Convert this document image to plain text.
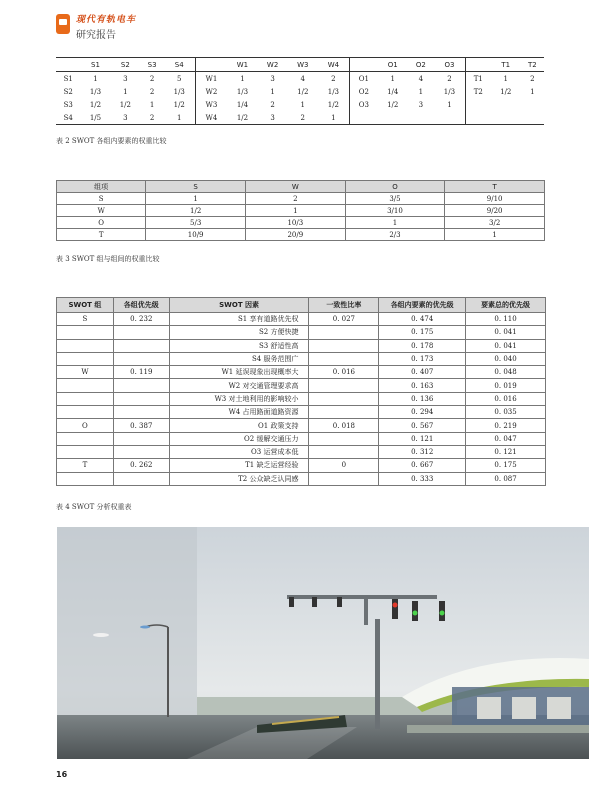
现代有轨电车
研究报告
	S1	S2	S3	S4		W1	W2	W3	W4		O1	O2	O3		T1	T2
S1	1	3	2	5	W1	1	3	4	2	O1	1	4	2	T1	1	2
S2	1/3	1	2	1/3	W2	1/3	1	1/2	1/3	O2	1/4	1	1/3	T2	1/2	1
S3	1/2	1/2	1	1/2	W3	1/4	2	1	1/2	O3	1/2	3	1			
S4	1/5	3	2	1	W4	1/2	3	2	1							
表 2 SWOT 各组内要素的权重比较
组项	S	W	O	T
S	1	2	3/5	9/10
W	1/2	1	3/10	9/20
O	5/3	10/3	1	3/2
T	10/9	20/9	2/3	1
表 3 SWOT 组与组间的权重比较
SWOT 组	各组优先级	SWOT 因素	一致性比率	各组内要素的优先级	要素总的优先级
S	0. 232	S1 享有道路优先权	0. 027	0. 474	0. 110
		S2 方便快捷		0. 175	0. 041
		S3 舒适性高		0. 178	0. 041
		S4 服务范围广		0. 173	0. 040
W	0. 119	W1 延误现象出现概率大	0. 016	0. 407	0. 048
		W2 对交通管理要求高		0. 163	0. 019
		W3 对土地利用的影响较小		0. 136	0. 016
		W4 占用路面道路资源		0. 294	0. 035
O	0. 387	O1 政策支持	0. 018	0. 567	0. 219
		O2 缓解交通压力		0. 121	0. 047
		O3 运营成本低		0. 312	0. 121
T	0. 262	T1 缺乏运营经验	0	0. 667	0. 175
		T2 公众缺乏认同感		0. 333	0. 087
表 4 SWOT 分析权重表
16
